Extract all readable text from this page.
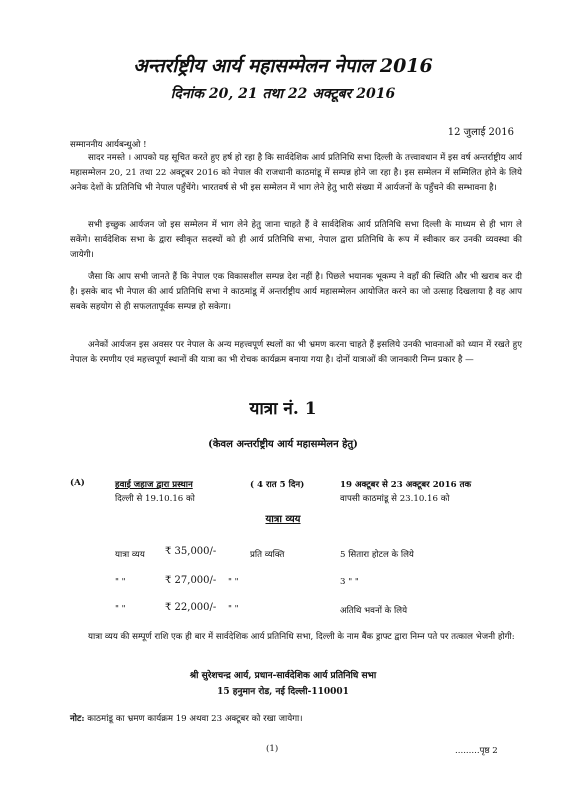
अन्तर्राष्ट्रीय आर्य महासम्मेलन नेपाल 2016
दिनांक 20, 21 तथा 22 अक्टूबर 2016
12 जुलाई 2016
सम्माननीय आर्यबन्धुओ !

सादर नमस्ते । आपको यह सूचित करते हुए हर्ष हो रहा है कि सार्वदेशिक आर्य प्रतिनिधि सभा दिल्ली के तत्त्वावधान में इस वर्ष अन्तर्राष्ट्रीय आर्य महासम्मेलन 20, 21 तथा 22 अक्टूबर 2016 को नेपाल की राजधानी काठमांडू में सम्पन्न होने जा रहा है। इस सम्मेलन में सम्मिलित होने के लिये अनेक देशों के प्रतिनिधि भी नेपाल पहुँचेंगे। भारतवर्ष से भी इस सम्मेलन में भाग लेने हेतु भारी संख्या में आर्यजनों के पहुँचने की सम्भावना है।

सभी इच्छुक आर्यजन जो इस सम्मेलन में भाग लेने हेतु जाना चाहते हैं वे सार्वदेशिक आर्य प्रतिनिधि सभा दिल्ली के माध्यम से ही भाग ले सकेंगे। सार्वदेशिक सभा के द्वारा स्वीकृत सदस्यों को ही आर्य प्रतिनिधि सभा, नेपाल द्वारा प्रतिनिधि के रूप में स्वीकार कर उनकी व्यवस्था की जायेगी।

जैसा कि आप सभी जानते हैं कि नेपाल एक विकासशील सम्पन्न देश नहीं है। पिछले भयानक भूकम्प ने वहाँ की स्थिति और भी खराब कर दी है। इसके बाद भी नेपाल की आर्य प्रतिनिधि सभा ने काठमांडू में अन्तर्राष्ट्रीय आर्य महासम्मेलन आयोजित करने का जो उत्साह दिखलाया है वह आप सबके सहयोग से ही सफलतापूर्वक सम्पन्न हो सकेगा।

अनेकों आर्यजन इस अवसर पर नेपाल के अन्य महत्त्वपूर्ण स्थलों का भी भ्रमण करना चाहते हैं इसलिये उनकी भावनाओं को ध्यान में रखते हुए नेपाल के रमणीय एवं महत्त्वपूर्ण स्थानों की यात्रा का भी रोचक कार्यक्रम बनाया गया है। दोनों यात्राओं की जानकारी निम्न प्रकार है —

यात्रा नं. 1
(केवल अन्तर्राष्ट्रीय आर्य महासम्मेलन हेतु)
(A)	हवाई जहाज द्वारा प्रस्थान
दिल्ली से 19.10.16 को
( 4 रात 5 दिन)	19 अक्टूबर से 23 अक्टूबर 2016 तक
वापसी काठमांडू से 23.10.16 को
यात्रा व्यय
यात्रा व्यय ₹ 35,000/-	प्रति व्यक्ति	5 सितारा होटल के लिये
" "	₹ 27,000/- " "	3 " "
" "	₹ 22,000/- " "	अतिथि भवनों के लिये
यात्रा व्यय की सम्पूर्ण राशि एक ही बार में सार्वदेशिक आर्य प्रतिनिधि सभा, दिल्ली के नाम बैंक ड्राफ्ट द्वारा निम्न पते पर तत्काल भेजनी होगी:
श्री सुरेशचन्द्र आर्य, प्रधान-सार्वदेशिक आर्य प्रतिनिधि सभा
15 हनुमान रोड, नई दिल्ली-110001
नोट: काठमांडू का भ्रमण कार्यक्रम 19 अथवा 23 अक्टूबर को रखा जायेगा।
(1)	.........पृष्ठ 2
